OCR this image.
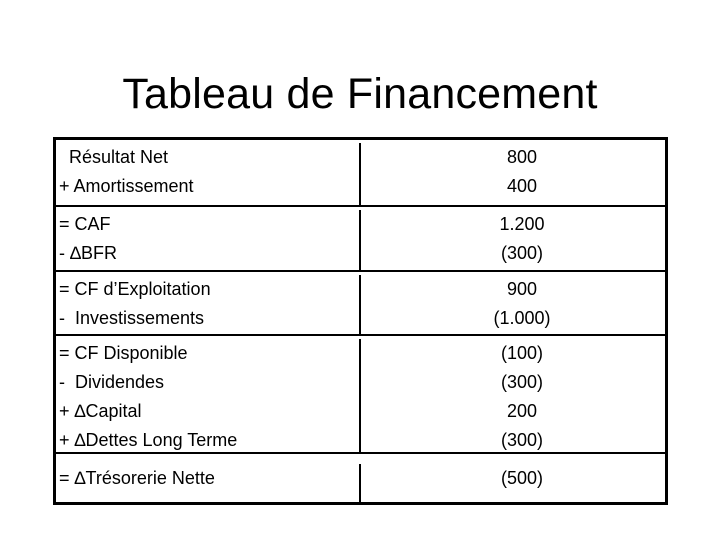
Tableau de Financement
Résultat Net
+ Amortissement
800
400
= CAF
- ∆BFR
1.200
(300)
= CF d’Exploitation
-  Investissements
900
(1.000)
= CF Disponible
-  Dividendes
+ ∆Capital
+ ∆Dettes Long Terme
(100)
(300)
200
(300)
= ∆Trésorerie Nette	(500)
